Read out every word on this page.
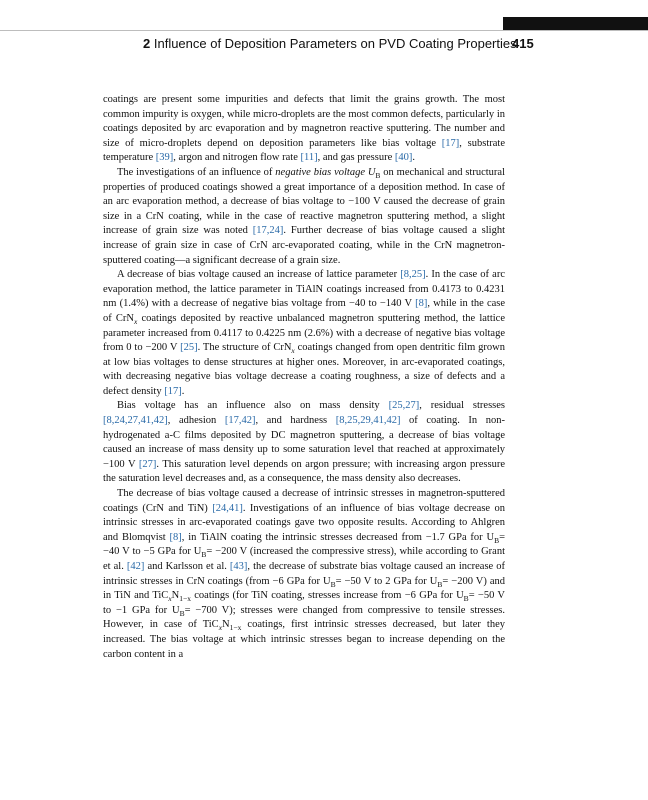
2 Influence of Deposition Parameters on PVD Coating Properties
415

coatings are present some impurities and defects that limit the grains growth. The most common impurity is oxygen, while micro-droplets are the most common defects, particularly in coatings deposited by arc evaporation and by magnetron reactive sputtering. The number and size of micro-droplets depend on deposition parameters like bias voltage [17], substrate temperature [39], argon and nitrogen flow rate [11], and gas pressure [40].

The investigations of an influence of negative bias voltage $U_B$ on mechanical and structural properties of produced coatings showed a great importance of a deposition method. In case of an arc evaporation method, a decrease of bias voltage to −100 V caused the decrease of grain size in a CrN coating, while in the case of reactive magnetron sputtering method, a slight increase of grain size was noted [17,24]. Further decrease of bias voltage caused a slight increase of grain size in case of CrN arc-evaporated coating, while in the CrN magnetron-sputtered coating—a significant decrease of a grain size.

A decrease of bias voltage caused an increase of lattice parameter [8,25]. In the case of arc evaporation method, the lattice parameter in TiAlN coatings increased from 0.4173 to 0.4231 nm (1.4%) with a decrease of negative bias voltage from −40 to −140 V [8], while in the case of CrN$_x$ coatings deposited by reactive unbalanced magnetron sputtering method, the lattice parameter increased from 0.4117 to 0.4225 nm (2.6%) with a decrease of negative bias voltage from 0 to −200 V [25]. The structure of CrN$_x$ coatings changed from open dentritic film grown at low bias voltages to dense structures at higher ones. Moreover, in arc-evaporated coatings, with decreasing negative bias voltage decrease a coating roughness, a size of defects and a defect density [17].

Bias voltage has an influence also on mass density [25,27], residual stresses [8,24,27,41,42], adhesion [17,42], and hardness [8,25,29,41,42] of coating. In non-hydrogenated a-C films deposited by DC magnetron sputtering, a decrease of bias voltage caused an increase of mass density up to some saturation level that reached at approximately −100 V [27]. This saturation level depends on argon pressure; with increasing argon pressure the saturation level decreases and, as a consequence, the mass density also decreases.

The decrease of bias voltage caused a decrease of intrinsic stresses in magnetron-sputtered coatings (CrN and TiN) [24,41]. Investigations of an influence of bias voltage decrease on intrinsic stresses in arc-evaporated coatings gave two opposite results. According to Ahlgren and Blomqvist [8], in TiAlN coating the intrinsic stresses decreased from −1.7 GPa for $U_B= -40$ V to −5 GPa for $U_B= -200$ V (increased the compressive stress), while according to Grant et al. [42] and Karlsson et al. [43], the decrease of substrate bias voltage caused an increase of intrinsic stresses in CrN coatings (from −6 GPa for $U_B= -50$ V to 2 GPa for $U_B= -200$ V) and in TiN and $TiC_xN_{1-x}$ coatings (for TiN coating, stresses increase from −6 GPa for $U_B= -50$ V to −1 GPa for $U_B= -700$ V); stresses were changed from compressive to tensile stresses. However, in case of $TiC_xN_{1-x}$ coatings, first intrinsic stresses decreased, but later they increased. The bias voltage at which intrinsic stresses began to increase depending on the carbon content in a
